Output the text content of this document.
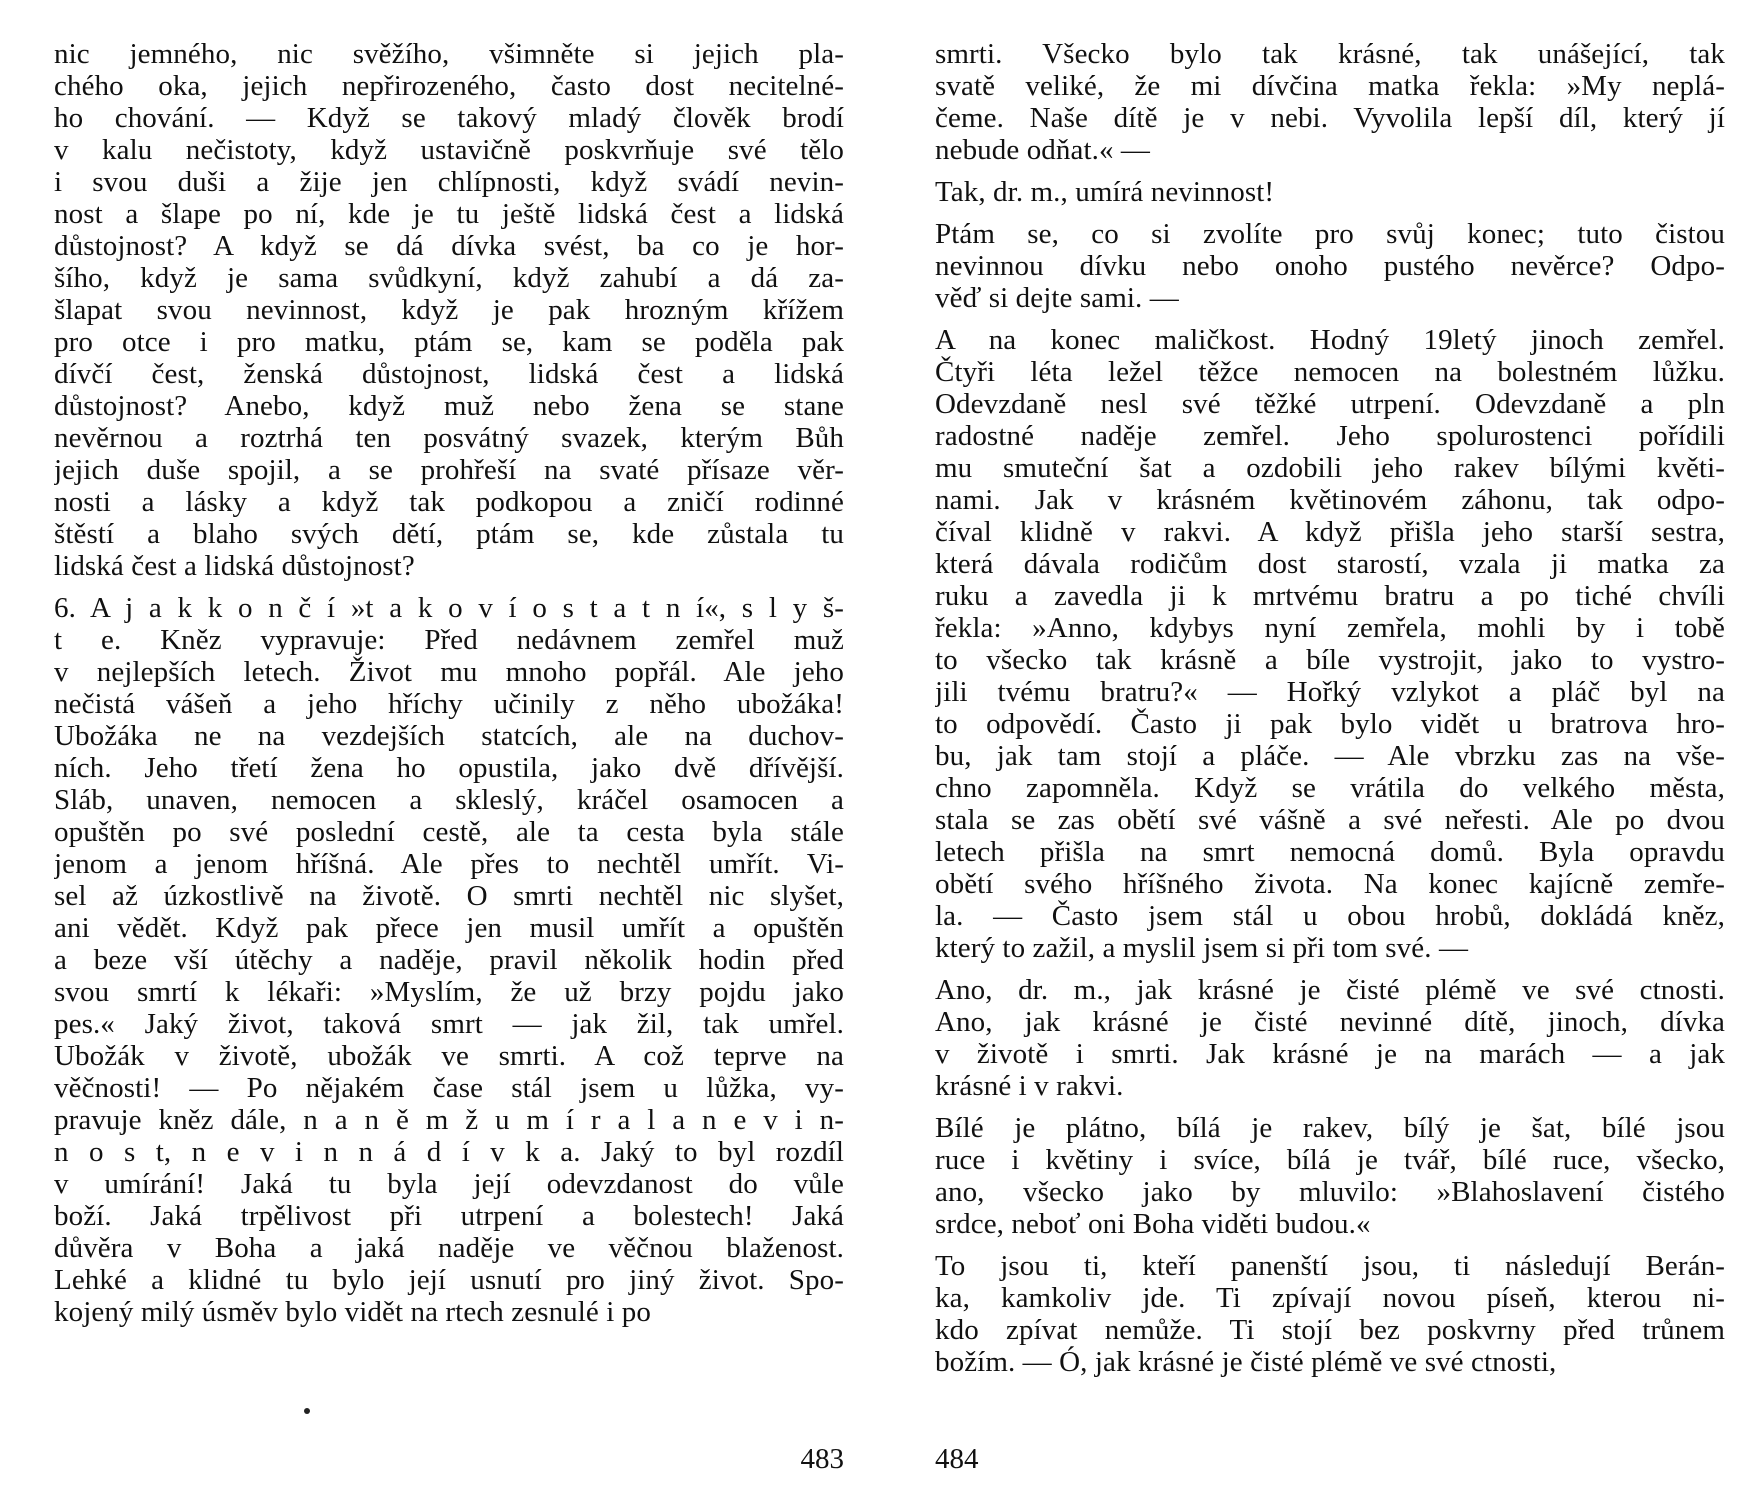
nic jemného, nic svěžího, všimněte si jejich pla-
chého oka, jejich nepřirozeného, často dost necitelné-
ho chování. — Když se takový mladý člověk brodí
v kalu nečistoty, když ustavičně poskvrňuje své tělo
i svou duši a žije jen chlípnosti, když svádí nevin-
nost a šlape po ní, kde je tu ještě lidská čest a lidská
důstojnost? A když se dá dívka svést, ba co je hor-
šího, když je sama svůdkyní, když zahubí a dá za-
šlapat svou nevinnost, když je pak hrozným křížem
pro otce i pro matku, ptám se, kam se poděla pak
dívčí čest, ženská důstojnost, lidská čest a lidská
důstojnost? Anebo, když muž nebo žena se stane
nevěrnou a roztrhá ten posvátný svazek, kterým Bůh
jejich duše spojil, a se prohřeší na svaté přísaze věr-
nosti a lásky a když tak podkopou a zničí rodinné
štěstí a blaho svých dětí, ptám se, kde zůstala tu
lidská čest a lidská důstojnost?
6. A j a k k o n č í »t a k o v í o s t a t n í«, s l y š-
t e. Kněz vypravuje: Před nedávnem zemřel muž
v nejlepších letech. Život mu mnoho popřál. Ale jeho
nečistá vášeň a jeho hříchy učinily z něho ubožáka!
Ubožáka ne na vezdejších statcích, ale na duchov-
ních. Jeho třetí žena ho opustila, jako dvě dřívější.
Sláb, unaven, nemocen a skleslý, kráčel osamocen a
opuštěn po své poslední cestě, ale ta cesta byla stále
jenom a jenom hříšná. Ale přes to nechtěl umřít. Vi-
sel až úzkostlivě na životě. O smrti nechtěl nic slyšet,
ani vědět. Když pak přece jen musil umřít a opuštěn
a beze vší útěchy a naděje, pravil několik hodin před
svou smrtí k lékaři: »Myslím, že už brzy pojdu jako
pes.« Jaký život, taková smrt — jak žil, tak umřel.
Ubožák v životě, ubožák ve smrti. A což teprve na
věčnosti! — Po nějakém čase stál jsem u lůžka, vy-
pravuje kněz dále, n a n ě m ž u m í r a l a n e v i n-
n o s t, n e v i n n á d í v k a. Jaký to byl rozdíl
v umírání! Jaká tu byla její odevzdanost do vůle
boží. Jaká trpělivost při utrpení a bolestech! Jaká
důvěra v Boha a jaká naděje ve věčnou blaženost.
Lehké a klidné tu bylo její usnutí pro jiný život. Spo-
kojený milý úsměv bylo vidět na rtech zesnulé i po
483
smrti. Všecko bylo tak krásné, tak unášející, tak
svatě veliké, že mi dívčina matka řekla: »My neplá-
čeme. Naše dítě je v nebi. Vyvolila lepší díl, který jí
nebude odňat.« —
Tak, dr. m., umírá nevinnost!
Ptám se, co si zvolíte pro svůj konec; tuto čistou
nevinnou dívku nebo onoho pustého nevěrce? Odpo-
věď si dejte sami. —
A na konec maličkost. Hodný 19letý jinoch zemřel.
Čtyři léta ležel těžce nemocen na bolestném lůžku.
Odevzdaně nesl své těžké utrpení. Odevzdaně a pln
radostné naděje zemřel. Jeho spolurostenci pořídili
mu smuteční šat a ozdobili jeho rakev bílými květi-
nami. Jak v krásném květinovém záhonu, tak odpo-
číval klidně v rakvi. A když přišla jeho starší sestra,
která dávala rodičům dost starostí, vzala ji matka za
ruku a zavedla ji k mrtvému bratru a po tiché chvíli
řekla: »Anno, kdybys nyní zemřela, mohli by i tobě
to všecko tak krásně a bíle vystrojit, jako to vystro-
jili tvému bratru?« — Hořký vzlykot a pláč byl na
to odpovědí. Často ji pak bylo vidět u bratrova hro-
bu, jak tam stojí a pláče. — Ale vbrzku zas na vše-
chno zapomněla. Když se vrátila do velkého města,
stala se zas obětí své vášně a své neřesti. Ale po dvou
letech přišla na smrt nemocná domů. Byla opravdu
obětí svého hříšného života. Na konec kajícně zemře-
la. — Často jsem stál u obou hrobů, dokládá kněz,
který to zažil, a myslil jsem si při tom své. —
Ano, dr. m., jak krásné je čisté plémě ve své ctnosti.
Ano, jak krásné je čisté nevinné dítě, jinoch, dívka
v životě i smrti. Jak krásné je na marách — a jak
krásné i v rakvi.
Bílé je plátno, bílá je rakev, bílý je šat, bílé jsou
ruce i květiny i svíce, bílá je tvář, bílé ruce, všecko,
ano, všecko jako by mluvilo: »Blahoslavení čistého
srdce, neboť oni Boha viděti budou.«
To jsou ti, kteří panenští jsou, ti následují Berán-
ka, kamkoliv jde. Ti zpívají novou píseň, kterou ni-
kdo zpívat nemůže. Ti stojí bez poskvrny před trůnem
božím. — Ó, jak krásné je čisté plémě ve své ctnosti,
484
